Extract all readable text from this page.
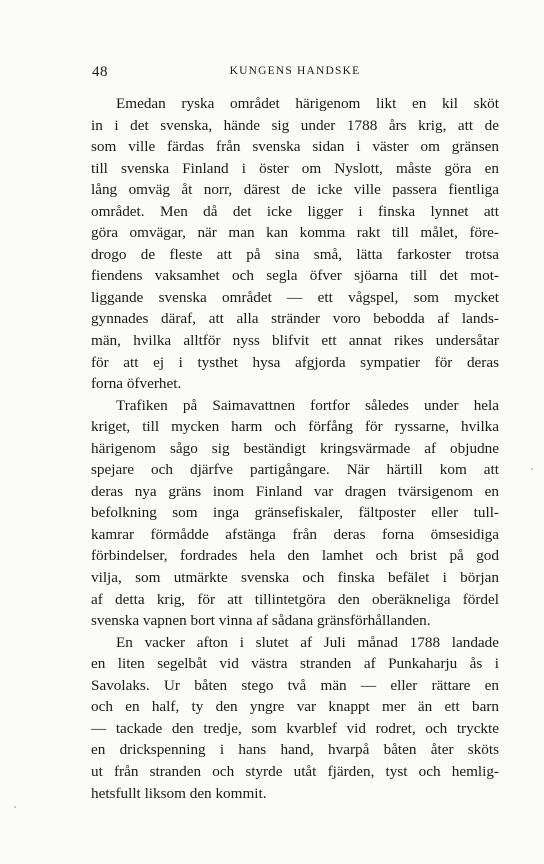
48	KUNGENS HANDSKE
Emedan ryska området härigenom likt en kil sköt
in i det svenska, hände sig under 1788 års krig, att de
som ville färdas från svenska sidan i väster om gränsen
till svenska Finland i öster om Nyslott, måste göra en
lång omväg åt norr, därest de icke ville passera fientliga
området. Men då det icke ligger i finska lynnet att
göra omvägar, när man kan komma rakt till målet, före-
drogo de fleste att på sina små, lätta farkoster trotsa
fiendens vaksamhet och segla öfver sjöarna till det mot-
liggande svenska området — ett vågspel, som mycket
gynnades däraf, att alla stränder voro bebodda af lands-
män, hvilka alltför nyss blifvit ett annat rikes undersåtar
för att ej i tysthet hysa afgjorda sympatier för deras
forna öfverhet.
Trafiken på Saimavattnen fortfor således under hela
kriget, till mycken harm och förfång för ryssarne, hvilka
härigenom sågo sig beständigt kringsvärmade af objudne
spejare och djärfve partigångare. När härtill kom att
deras nya gräns inom Finland var dragen tvärsigenom en
befolkning som inga gränsefiskaler, fältposter eller tull-
kamrar förmådde afstänga från deras forna ömsesidiga
förbindelser, fordrades hela den lamhet och brist på god
vilja, som utmärkte svenska och finska befälet i början
af detta krig, för att tillintetgöra den oberäkneliga fördel
svenska vapnen bort vinna af sådana gränsförhållanden.
En vacker afton i slutet af Juli månad 1788 landade
en liten segelbåt vid västra stranden af Punkaharju ås i
Savolaks. Ur båten stego två män — eller rättare en
och en half, ty den yngre var knappt mer än ett barn
— tackade den tredje, som kvarblef vid rodret, och tryckte
en drickspenning i hans hand, hvarpå båten åter sköts
ut från stranden och styrde utåt fjärden, tyst och hemlig-
hetsfullt liksom den kommit.
